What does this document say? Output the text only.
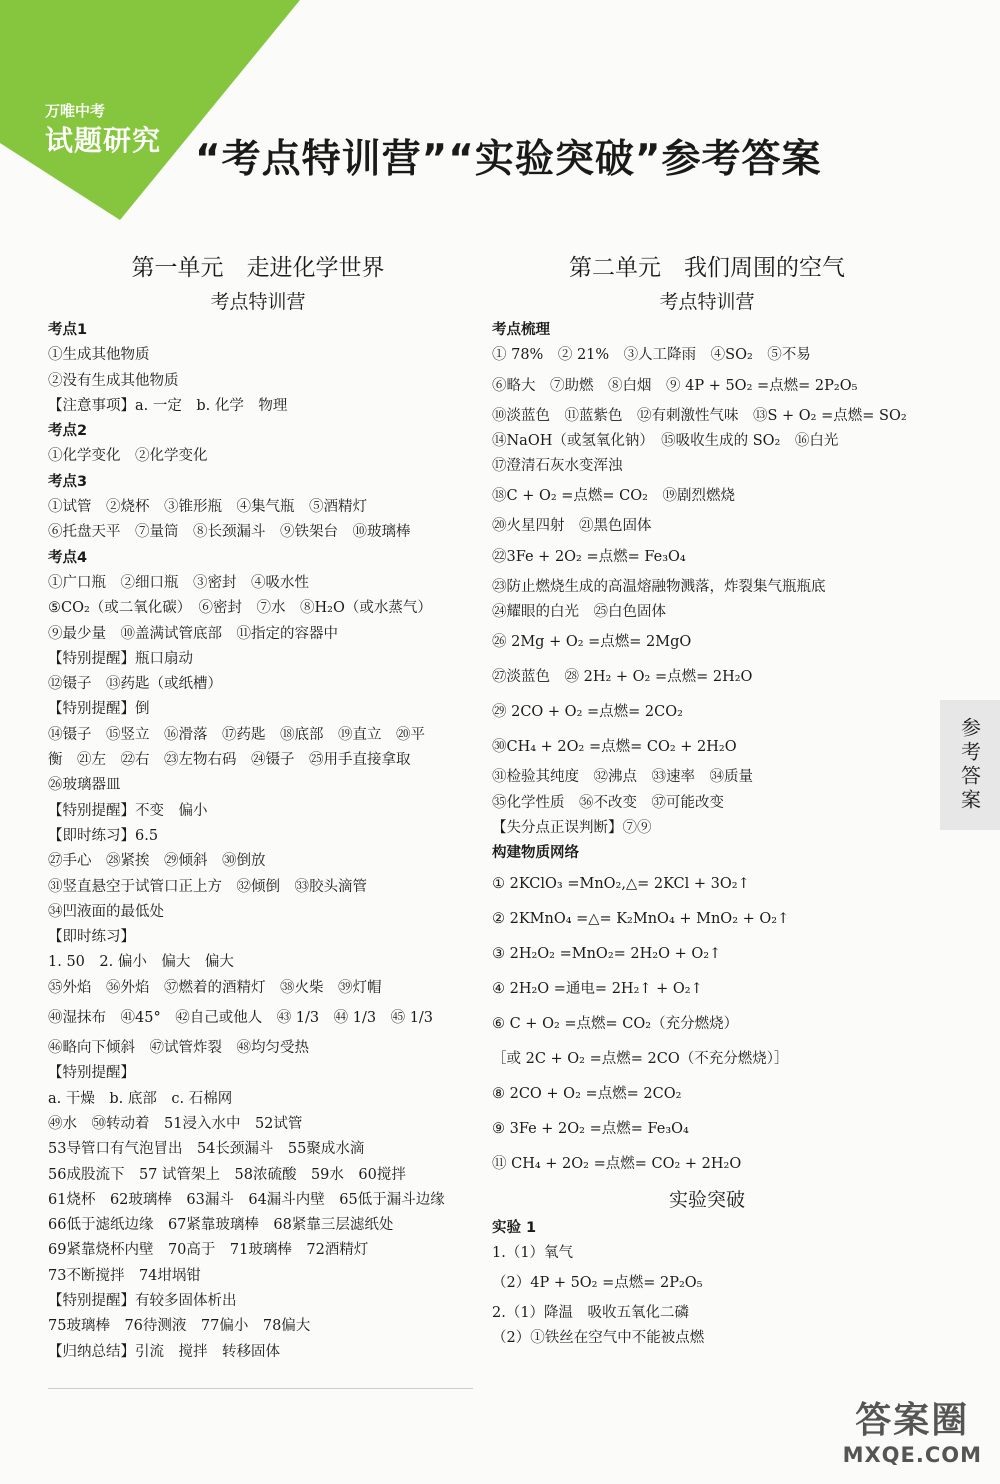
万唯中考
试题研究 “考点特训营”“实验突破”参考答案
第一单元　走进化学世界
考点特训营
考点1
①生成其他物质
②没有生成其他物质
【注意事项】a. 一定　b. 化学　物理
考点2
①化学变化　②化学变化
考点3
①试管　②烧杯　③锥形瓶　④集气瓶　⑤酒精灯
⑥托盘天平　⑦量筒　⑧长颈漏斗　⑨铁架台　⑩玻璃棒
考点4
①广口瓶　②细口瓶　③密封　④吸水性
⑤CO₂（或二氧化碳）　⑥密封　⑦水　⑧H₂O（或水蒸气）
⑨最少量　⑩盖满试管底部　⑪指定的容器中
【特别提醒】瓶口扇动
⑫镊子　⑬药匙（或纸槽）
【特别提醒】倒
⑭镊子　⑮竖立　⑯滑落　⑰药匙　⑱底部　⑲直立　⑳平
衡　㉑左　㉒右　㉓左物右码　㉔镊子　㉕用手直接拿取
㉖玻璃器皿
【特别提醒】不变　偏小
【即时练习】6.5
㉗手心　㉘紧挨　㉙倾斜　㉚倒放
㉛竖直悬空于试管口正上方　㉜倾倒　㉝胶头滴管
㉞凹液面的最低处
【即时练习】
1. 50　2. 偏小　偏大　偏大
㉟外焰　㊱外焰　㊲燃着的酒精灯　㊳火柴　㊴灯帽
㊵湿抹布　㊶45°　㊷自己或他人　㊸ 1/3　㊹ 1/3　㊺ 1/3
㊻略向下倾斜　㊼试管炸裂　㊽均匀受热
【特别提醒】
a. 干燥　b. 底部　c. 石棉网
㊾水　㊿转动着　51浸入水中　52试管
53导管口有气泡冒出　54长颈漏斗　55聚成水滴
56成股流下　57 试管架上　58浓硫酸　59水　60搅拌
61烧杯　62玻璃棒　63漏斗　64漏斗内壁　65低于漏斗边缘
66低于滤纸边缘　67紧靠玻璃棒　68紧靠三层滤纸处
69紧靠烧杯内壁　70高于　71玻璃棒　72酒精灯
73不断搅拌　74坩埚钳
【特别提醒】有较多固体析出
75玻璃棒　76待测液　77偏小　78偏大
【归纳总结】引流　搅拌　转移固体
第二单元　我们周围的空气
考点特训营
考点梳理
① 78%　② 21%　③人工降雨　④SO₂　⑤不易
⑥略大　⑦助燃　⑧白烟　⑨ 4P + 5O₂ =点燃= 2P₂O₅
⑩淡蓝色　⑪蓝紫色　⑫有刺激性气味　⑬S + O₂ =点燃= SO₂
⑭NaOH（或氢氧化钠）　⑮吸收生成的 SO₂　⑯白光
⑰澄清石灰水变浑浊
⑱C + O₂ =点燃= CO₂　⑲剧烈燃烧
⑳火星四射　㉑黑色固体
㉒3Fe + 2O₂ =点燃= Fe₃O₄
㉓防止燃烧生成的高温熔融物溅落，炸裂集气瓶瓶底
㉔耀眼的白光　㉕白色固体
㉖ 2Mg + O₂ =点燃= 2MgO
㉗淡蓝色　㉘ 2H₂ + O₂ =点燃= 2H₂O
㉙ 2CO + O₂ =点燃= 2CO₂
㉚CH₄ + 2O₂ =点燃= CO₂ + 2H₂O
㉛检验其纯度　㉜沸点　㉝速率　㉞质量
㉟化学性质　㊱不改变　㊲可能改变
【失分点正误判断】⑦⑨
构建物质网络
① 2KClO₃ =MnO₂,△= 2KCl + 3O₂↑
② 2KMnO₄ =△= K₂MnO₄ + MnO₂ + O₂↑
③ 2H₂O₂ =MnO₂= 2H₂O + O₂↑
④ 2H₂O =通电= 2H₂↑ + O₂↑
⑥ C + O₂ =点燃= CO₂（充分燃烧）
［或 2C + O₂ =点燃= 2CO（不充分燃烧）］
⑧ 2CO + O₂ =点燃= 2CO₂
⑨ 3Fe + 2O₂ =点燃= Fe₃O₄
⑪ CH₄ + 2O₂ =点燃= CO₂ + 2H₂O
实验突破
实验 1
1.（1）氧气
（2）4P + 5O₂ =点燃= 2P₂O₅
2.（1）降温　吸收五氧化二磷
（2）①铁丝在空气中不能被点燃
参考答案
答案圈
MXQE.COM
